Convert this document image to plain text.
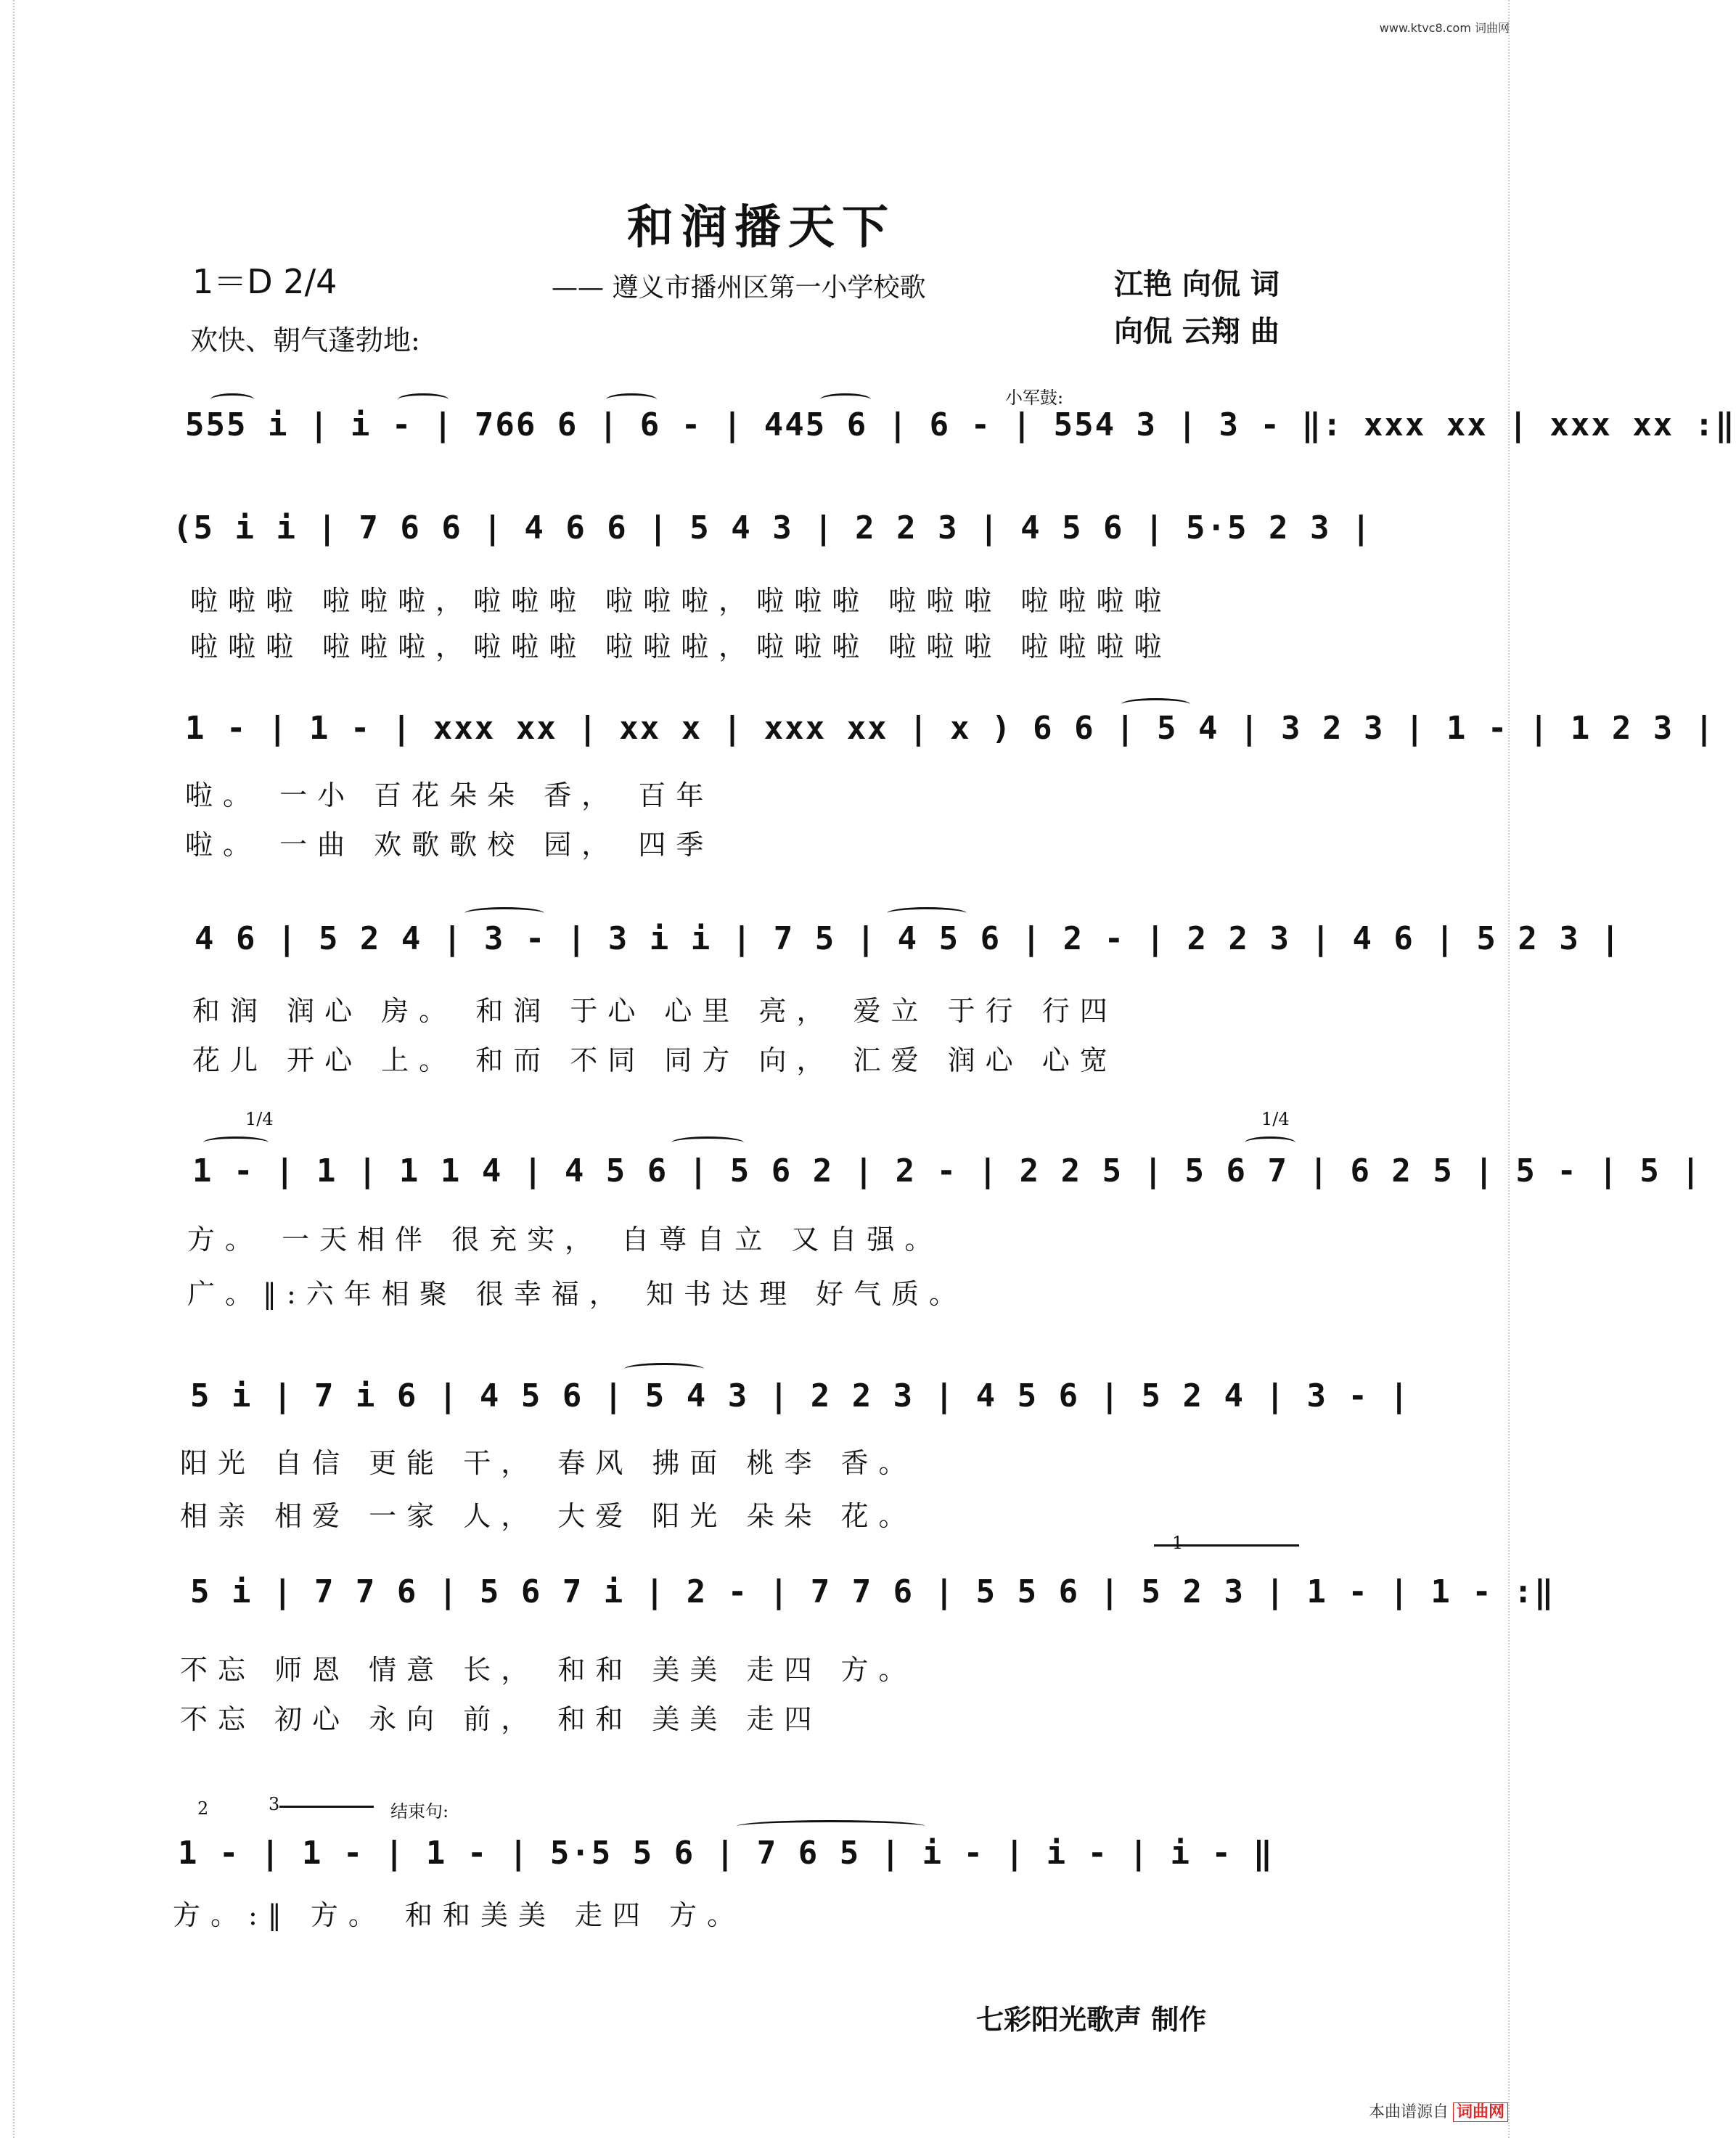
www.ktvc8.com 词曲网
和润播天下
1＝D 2/4	—— 遵义市播州区第一小学校歌	江艳 向侃 词
向侃 云翔 曲
欢快、朝气蓬勃地:
小军鼓:
555 i | i - | 766 6 | 6 - | 445 6 | 6 - | 554 3 | 3 - ‖: xxx xx | xxx xx :‖
(5 i i | 7 6 6 | 4 6 6 | 5 4 3 | 2 2 3 | 4 5 6 | 5·5 2 3 |
啦啦啦 啦啦啦，啦啦啦 啦啦啦，啦啦啦 啦啦啦 啦啦啦啦
啦啦啦 啦啦啦，啦啦啦 啦啦啦，啦啦啦 啦啦啦 啦啦啦啦
1 - | 1 - | xxx xx | xx x | xxx xx | x ) 6 6 | 5 4 | 3 2 3 | 1 - | 1 2 3 |
啦。 一小 百花朵朵 香， 百年
啦。 一曲 欢歌歌校 园， 四季
4 6 | 5 2 4 | 3 - | 3 i i | 7 5 | 4 5 6 | 2 - | 2 2 3 | 4 6 | 5 2 3 |
和润 润心 房。 和润 于心 心里 亮， 爱立 于行 行四
花儿 开心 上。 和而 不同 同方 向， 汇爱 润心 心宽
1/4	1/4
1 - | 1 | 1 1 4 | 4 5 6 | 5 6 2 | 2 - | 2 2 5 | 5 6 7 | 6 2 5 | 5 - | 5 |
方。 一天相伴 很充实， 自尊自立 又自强。
广。‖:六年相聚 很幸福， 知书达理 好气质。
5 i | 7 i 6 | 4 5 6 | 5 4 3 | 2 2 3 | 4 5 6 | 5 2 4 | 3 - |
阳光 自信 更能 干， 春风 拂面 桃李 香。
相亲 相爱 一家 人， 大爱 阳光 朵朵 花。
1
5 i | 7 7 6 | 5 6 7 i | 2 - | 7 7 6 | 5 5 6 | 5 2 3 | 1 - | 1 - :‖
不忘 师恩 情意 长， 和和 美美 走四 方。
不忘 初心 永向 前， 和和 美美 走四
2	3	结束句:
1 - | 1 - | 1 - | 5·5 5 6 | 7 6 5 | i - | i - | i - ‖
方。:‖ 方。 和和美美 走四 方。
七彩阳光歌声 制作
本曲谱源自 词曲网
